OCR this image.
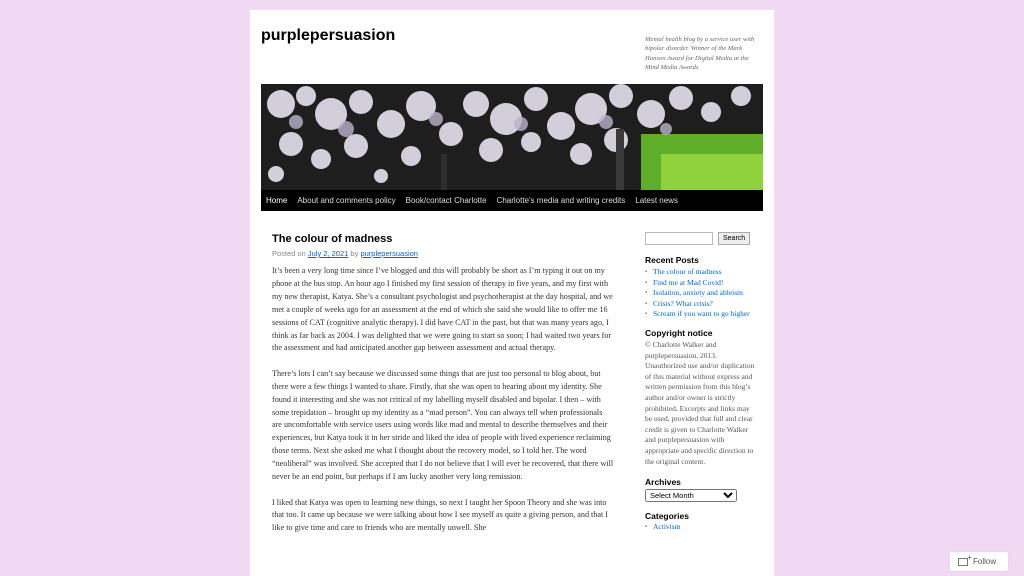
purplepersuasion	Mental health blog by a service user with bipolar disorder. Winner of the Mark Hanson Award for Digital Media at the Mind Media Awards
Home	About and comments policy	Book/contact Charlotte	Charlotte's media and writing credits	Latest news
The colour of madness
Posted on July 2, 2021 by purplepersuasion

It’s been a very long time since I’ve blogged and this will probably be short as I’m typing it out on my phone at the bus stop. An hour ago I finished my first session of therapy in five years, and my first with my new therapist, Katya. She’s a consultant psychologist and psychotherapist at the day hospital, and we met a couple of weeks ago for an assessment at the end of which she said she would like to offer me 16 sessions of CAT (cognitive analytic therapy). I did have CAT in the past, but that was many years ago, I think as far back as 2004. I was delighted that we were going to start so soon; I had waited two years for the assessment and had anticipated another gap between assessment and actual therapy.

There’s lots I can’t say because we discussed some things that are just too personal to blog about, but there were a few things I wanted to share. Firstly, that she was open to hearing about my identity. She found it interesting and she was not critical of my labelling myself disabled and bipolar. I then – with some trepidation – brought up my identity as a “mad person”. You can always tell when professionals are uncomfortable with service users using words like mad and mental to describe themselves and their experiences, but Katya took it in her stride and liked the idea of people with lived experience reclaiming those terms. Next she asked me what I thought about the recovery model, so I told her. The word “neoliberal” was involved. She accepted that I do not believe that I will ever be recovered, that there will never be an end point, but perhaps if I am lucky another very long remission.

I liked that Katya was open to learning new things, so next I taught her Spoon Theory and she was into that too. It came up because we were talking about how I see myself as quite a giving person, and that I like to give time and care to friends who are mentally unwell. She

Search
Recent Posts
▪ The colour of madness
▪ Find me at Mad Covid!
▪ Isolation, anxiety and ableism
▪ Crisis? What crisis?
▪ Scream if you want to go higher
Copyright notice
© Charlotte Walker and purplepersuasion, 2013. Unauthorized use and/or duplication of this material without express and written permission from this blog’s author and/or owner is strictly prohibited. Excerpts and links may be used, provided that full and clear credit is given to Charlotte Walker and purplepersuasion with appropriate and specific direction to the original content.
Archives
Select Month
Categories
▪ Activism
+
Follow
